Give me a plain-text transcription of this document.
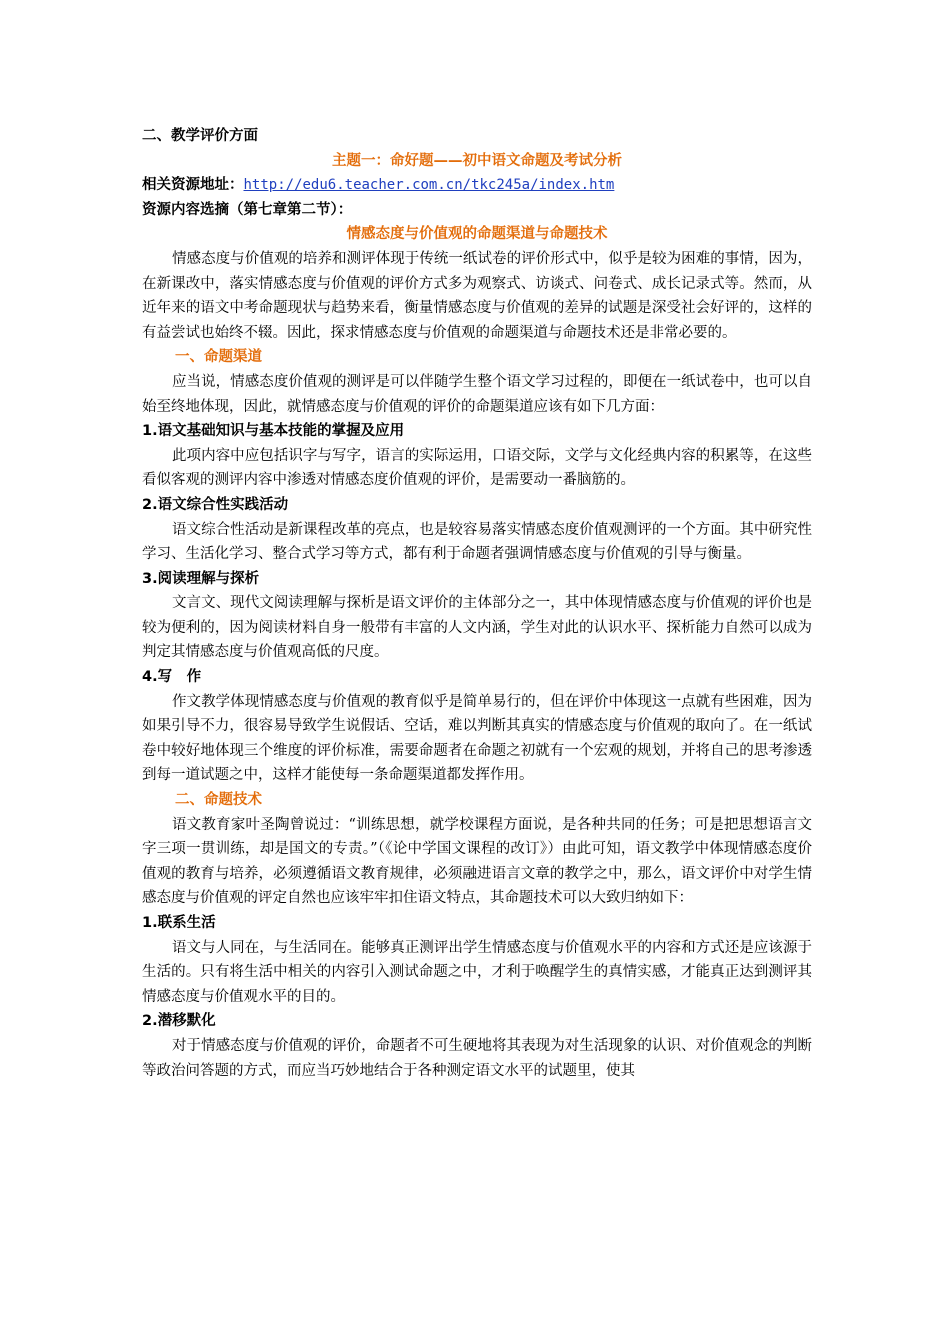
二、教学评价方面

主题一：命好题——初中语文命题及考试分析

相关资源地址：http://edu6.teacher.com.cn/tkc245a/index.htm

资源内容选摘（第七章第二节）：

情感态度与价值观的命题渠道与命题技术

情感态度与价值观的培养和测评体现于传统一纸试卷的评价形式中，似乎是较为困难的事情，因为，在新课改中，落实情感态度与价值观的评价方式多为观察式、访谈式、问卷式、成长记录式等。然而，从近年来的语文中考命题现状与趋势来看，衡量情感态度与价值观的差异的试题是深受社会好评的，这样的有益尝试也始终不辍。因此，探求情感态度与价值观的命题渠道与命题技术还是非常必要的。

一、命题渠道

应当说，情感态度价值观的测评是可以伴随学生整个语文学习过程的，即便在一纸试卷中，也可以自始至终地体现，因此，就情感态度与价值观的评价的命题渠道应该有如下几方面：

1.语文基础知识与基本技能的掌握及应用

此项内容中应包括识字与写字，语言的实际运用，口语交际，文学与文化经典内容的积累等，在这些看似客观的测评内容中渗透对情感态度价值观的评价，是需要动一番脑筋的。

2.语文综合性实践活动

语文综合性活动是新课程改革的亮点，也是较容易落实情感态度价值观测评的一个方面。其中研究性学习、生活化学习、整合式学习等方式，都有利于命题者强调情感态度与价值观的引导与衡量。

3.阅读理解与探析

文言文、现代文阅读理解与探析是语文评价的主体部分之一，其中体现情感态度与价值观的评价也是较为便利的，因为阅读材料自身一般带有丰富的人文内涵，学生对此的认识水平、探析能力自然可以成为判定其情感态度与价值观高低的尺度。

4.写　作

作文教学体现情感态度与价值观的教育似乎是简单易行的，但在评价中体现这一点就有些困难，因为如果引导不力，很容易导致学生说假话、空话，难以判断其真实的情感态度与价值观的取向了。在一纸试卷中较好地体现三个维度的评价标准，需要命题者在命题之初就有一个宏观的规划，并将自己的思考渗透到每一道试题之中，这样才能使每一条命题渠道都发挥作用。

二、命题技术

语文教育家叶圣陶曾说过：“训练思想，就学校课程方面说，是各种共同的任务；可是把思想语言文字三项一贯训练，却是国文的专责。”（《论中学国文课程的改订》）由此可知，语文教学中体现情感态度价值观的教育与培养，必须遵循语文教育规律，必须融进语言文章的教学之中，那么，语文评价中对学生情感态度与价值观的评定自然也应该牢牢扣住语文特点，其命题技术可以大致归纳如下：

1.联系生活

语文与人同在，与生活同在。能够真正测评出学生情感态度与价值观水平的内容和方式还是应该源于生活的。只有将生活中相关的内容引入测试命题之中，才利于唤醒学生的真情实感，才能真正达到测评其情感态度与价值观水平的目的。

2.潜移默化

对于情感态度与价值观的评价，命题者不可生硬地将其表现为对生活现象的认识、对价值观念的判断等政治问答题的方式，而应当巧妙地结合于各种测定语文水平的试题里，使其
